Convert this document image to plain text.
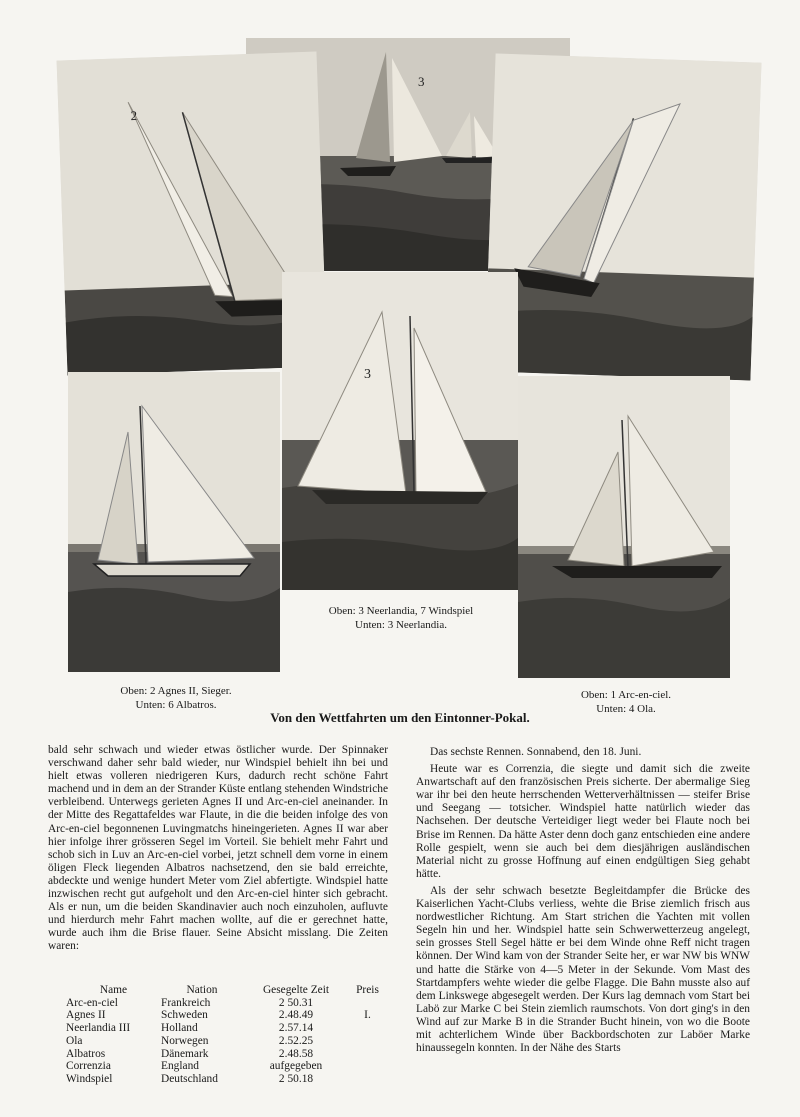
3
2
3
Oben: 2 Agnes II, Sieger.
Unten: 6 Albatros.
Oben: 3 Neerlandia, 7 Windspiel
Unten: 3 Neerlandia.
Oben: 1 Arc-en-ciel.
Unten: 4 Ola.
Von den Wettfahrten um den Eintonner-Pokal.

bald sehr schwach und wieder etwas östlicher wurde. Der Spinnaker verschwand daher sehr bald wieder, nur Windspiel behielt ihn bei und hielt etwas volleren niedrigeren Kurs, dadurch recht schöne Fahrt machend und in dem an der Strander Küste entlang stehenden Windstriche verbleibend. Unterwegs gerieten Agnes II und Arc-en-ciel aneinander. In der Mitte des Regattafeldes war Flaute, in die die beiden infolge des von Arc-en-ciel begonnenen Luvingmatchs hineingerieten. Agnes II war aber hier infolge ihrer grösseren Segel im Vorteil. Sie behielt mehr Fahrt und schob sich in Luv an Arc-en-ciel vorbei, jetzt schnell dem vorne in einem öligen Fleck liegenden Albatros nachsetzend, den sie bald erreichte, abdeckte und wenige hundert Meter vom Ziel abfertigte. Windspiel hatte inzwischen recht gut aufgeholt und den Arc-en-ciel hinter sich gebracht. Als er nun, um die beiden Skandinavier auch noch einzuholen, aufluvte und hierdurch mehr Fahrt machen wollte, auf die er gerechnet hatte, wurde auch ihm die Brise flauer. Seine Absicht misslang. Die Zeiten waren:

Name	Nation	Gesegelte Zeit	Preis
Arc-en-ciel	Frankreich	2 50.31
Agnes II	Schweden	2.48.49	I.
Neerlandia III	Holland	2.57.14
Ola	Norwegen	2.52.25
Albatros	Dänemark	2.48.58
Correnzia	England	aufgegeben
Windspiel	Deutschland	2 50.18

Das sechste Rennen. Sonnabend, den 18. Juni.

Heute war es Correnzia, die siegte und damit sich die zweite Anwartschaft auf den französischen Preis sicherte. Der abermalige Sieg war ihr bei den heute herrschenden Wetterverhältnissen — steifer Brise und Seegang — totsicher. Windspiel hatte natürlich wieder das Nachsehen. Der deutsche Verteidiger liegt weder bei Flaute noch bei Brise im Rennen. Da hätte Aster denn doch ganz entschieden eine andere Rolle gespielt, wenn sie auch bei dem diesjährigen ausländischen Material nicht zu grosse Hoffnung auf einen endgültigen Sieg gehabt hätte.

Als der sehr schwach besetzte Begleitdampfer die Brücke des Kaiserlichen Yacht-Clubs verliess, wehte die Brise ziemlich frisch aus nordwestlicher Richtung. Am Start strichen die Yachten mit vollen Segeln hin und her. Windspiel hatte sein Schwerwetterzeug angelegt, sein grosses Stell Segel hätte er bei dem Winde ohne Reff nicht tragen können. Der Wind kam von der Strander Seite her, er war NW bis WNW und hatte die Stärke von 4—5 Meter in der Sekunde. Vom Mast des Startdampfers wehte wieder die gelbe Flagge. Die Bahn musste also auf dem Linkswege abgesegelt werden. Der Kurs lag demnach vom Start bei Labö zur Marke C bei Stein ziemlich raumschots. Von dort ging's in den Wind auf zur Marke B in die Strander Bucht hinein, von wo die Boote mit achterlichem Winde über Backbordschoten zur Laböer Marke hinaussegeln konnten. In der Nähe des Starts
